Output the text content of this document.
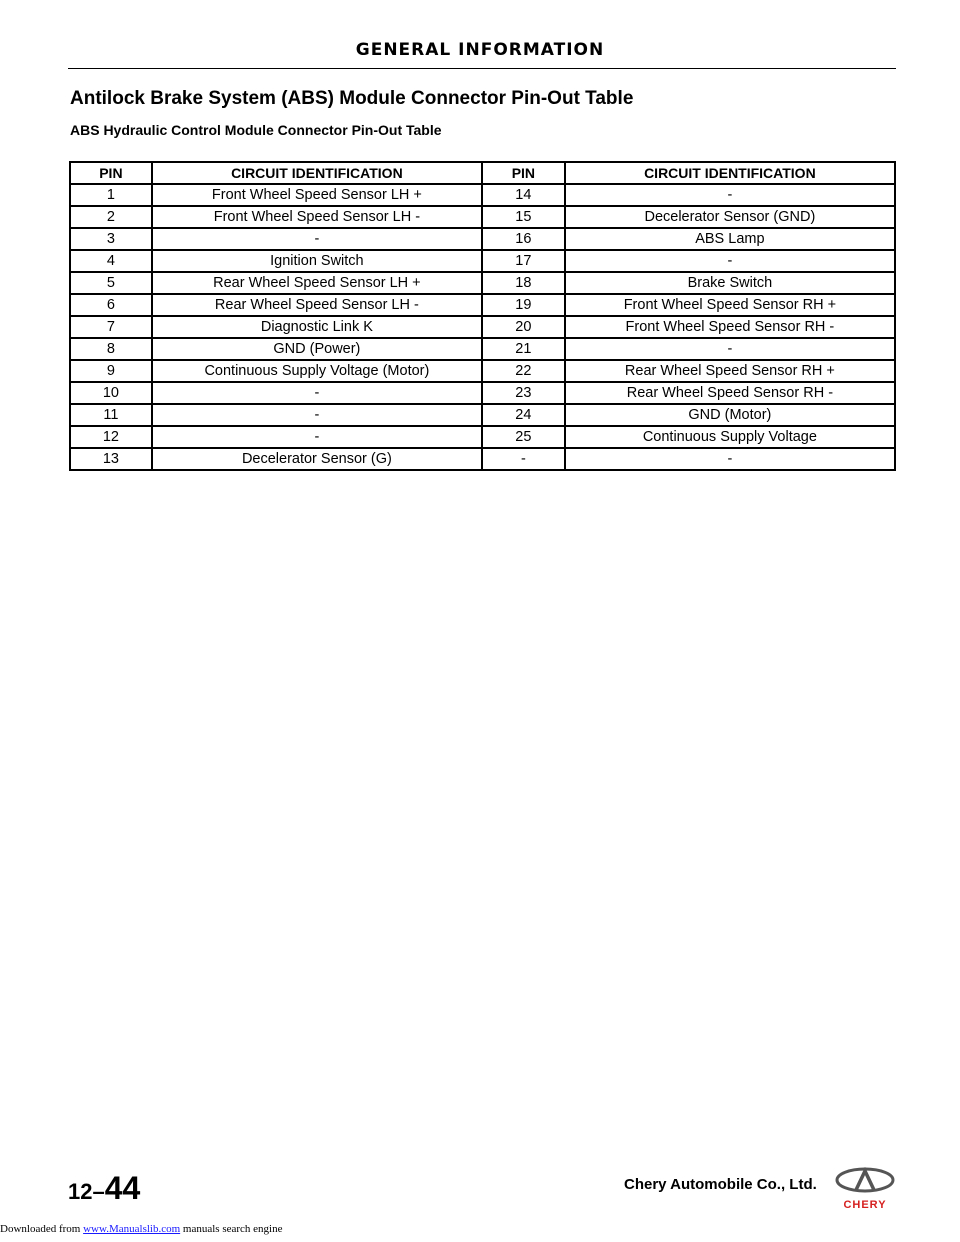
GENERAL INFORMATION
Antilock Brake System (ABS) Module Connector Pin-Out Table
ABS Hydraulic Control Module Connector Pin-Out Table
PIN	CIRCUIT IDENTIFICATION	PIN	CIRCUIT IDENTIFICATION
1	Front Wheel Speed Sensor LH +	14	-
2	Front Wheel Speed Sensor LH -	15	Decelerator Sensor (GND)
3	-	16	ABS Lamp
4	Ignition Switch	17	-
5	Rear Wheel Speed Sensor LH +	18	Brake Switch
6	Rear Wheel Speed Sensor LH -	19	Front Wheel Speed Sensor RH +
7	Diagnostic Link K	20	Front Wheel Speed Sensor RH -
8	GND (Power)	21	-
9	Continuous Supply Voltage (Motor)	22	Rear Wheel Speed Sensor RH +
10	-	23	Rear Wheel Speed Sensor RH -
11	-	24	GND (Motor)
12	-	25	Continuous Supply Voltage
13	Decelerator Sensor (G)	-	-
12–44	Chery Automobile Co., Ltd.
CHERY
Downloaded from www.Manualslib.com manuals search engine
